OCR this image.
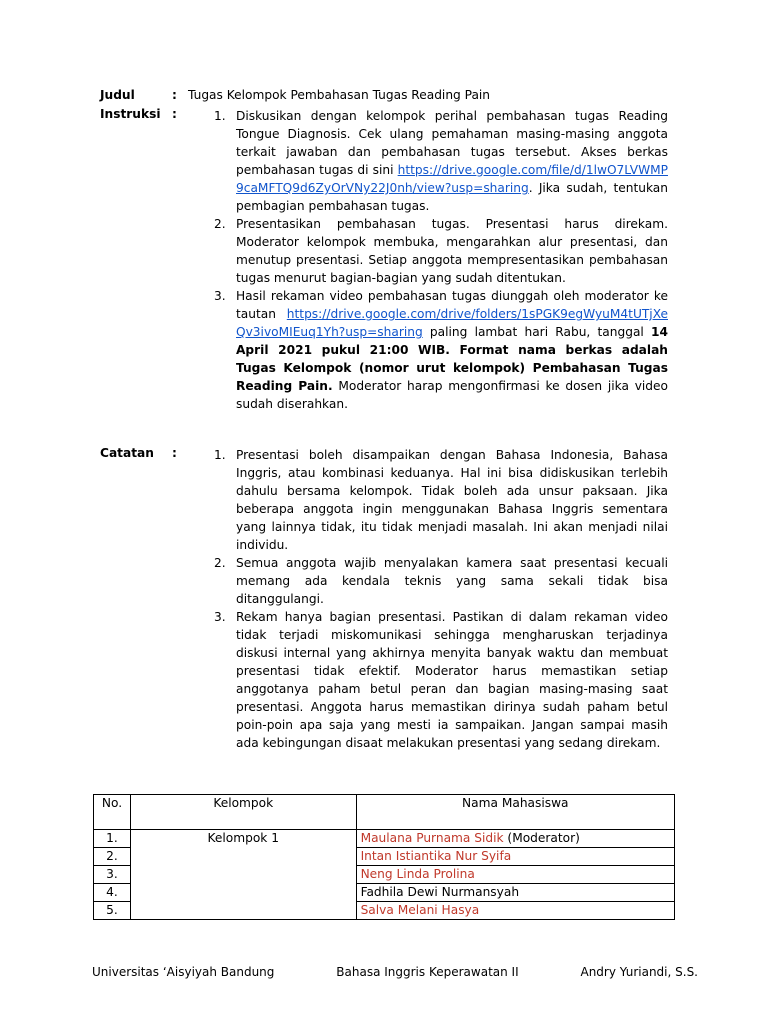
Judul	: Tugas Kelompok Pembahasan Tugas Reading Pain
Instruksi :	1. Diskusikan dengan kelompok perihal pembahasan tugas Reading Tongue Diagnosis. Cek ulang pemahaman masing-masing anggota terkait jawaban dan pembahasan tugas tersebut. Akses berkas pembahasan tugas di sini https://drive.google.com/file/d/1lwO7LVWMP9caMFTQ9d6ZyOrVNy22J0nh/view?usp=sharing. Jika sudah, tentukan pembagian pembahasan tugas.
2. Presentasikan pembahasan tugas. Presentasi harus direkam. Moderator kelompok membuka, mengarahkan alur presentasi, dan menutup presentasi. Setiap anggota mempresentasikan pembahasan tugas menurut bagian-bagian yang sudah ditentukan.
3. Hasil rekaman video pembahasan tugas diunggah oleh moderator ke tautan https://drive.google.com/drive/folders/1sPGK9egWyuM4tUTjXeQv3ivoMIEuq1Yh?usp=sharing paling lambat hari Rabu, tanggal 14 April 2021 pukul 21:00 WIB. Format nama berkas adalah Tugas Kelompok (nomor urut kelompok) Pembahasan Tugas Reading Pain. Moderator harap mengonfirmasi ke dosen jika video sudah diserahkan.
Catatan :	1. Presentasi boleh disampaikan dengan Bahasa Indonesia, Bahasa Inggris, atau kombinasi keduanya. Hal ini bisa didiskusikan terlebih dahulu bersama kelompok. Tidak boleh ada unsur paksaan. Jika beberapa anggota ingin menggunakan Bahasa Inggris sementara yang lainnya tidak, itu tidak menjadi masalah. Ini akan menjadi nilai individu.
2. Semua anggota wajib menyalakan kamera saat presentasi kecuali memang ada kendala teknis yang sama sekali tidak bisa ditanggulangi.
3. Rekam hanya bagian presentasi. Pastikan di dalam rekaman video tidak terjadi miskomunikasi sehingga mengharuskan terjadinya diskusi internal yang akhirnya menyita banyak waktu dan membuat presentasi tidak efektif. Moderator harus memastikan setiap anggotanya paham betul peran dan bagian masing-masing saat presentasi. Anggota harus memastikan dirinya sudah paham betul poin-poin apa saja yang mesti ia sampaikan. Jangan sampai masih ada kebingungan disaat melakukan presentasi yang sedang direkam.
No.	Kelompok	Nama Mahasiswa
1.	Kelompok 1	Maulana Purnama Sidik (Moderator)
2.		Intan Istiantika Nur Syifa
3.		Neng Linda Prolina
4.		Fadhila Dewi Nurmansyah
5.		Salva Melani Hasya
Universitas ‘Aisyiyah Bandung	Bahasa Inggris Keperawatan II	Andry Yuriandi, S.S.
